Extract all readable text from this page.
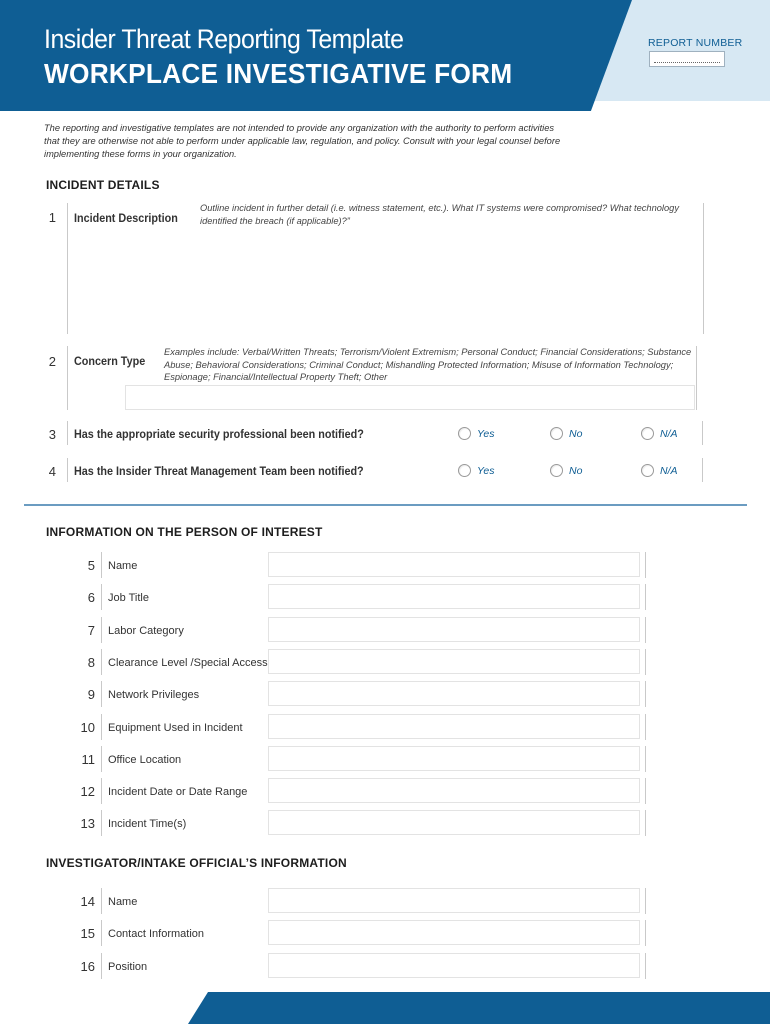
Insider Threat Reporting Template
WORKPLACE INVESTIGATIVE FORM
REPORT NUMBER
The reporting and investigative templates are not intended to provide any organization with the authority to perform activities that they are otherwise not able to perform under applicable law, regulation, and policy. Consult with your legal counsel before implementing these forms in your organization.
INCIDENT DETAILS
1 Incident Description
Outline incident in further detail (i.e. witness statement, etc.). What IT systems were compromised? What technology identified the breach (if applicable)?”
2 Concern Type
Examples include: Verbal/Written Threats; Terrorism/Violent Extremism; Personal Conduct; Financial Considerations; Substance Abuse; Behavioral Considerations; Criminal Conduct; Mishandling Protected Information; Misuse of Information Technology; Espionage; Financial/Intellectual Property Theft; Other
3 Has the appropriate security professional been notified?	Yes	No	N/A
4 Has the Insider Threat Management Team been notified?	Yes	No	N/A
INFORMATION ON THE PERSON OF INTEREST
5 Name
6 Job Title
7 Labor Category
8 Clearance Level /Special Access
9 Network Privileges
10 Equipment Used in Incident
11 Office Location
12 Incident Date or Date Range
13 Incident Time(s)
INVESTIGATOR/INTAKE OFFICIAL’S INFORMATION
14 Name
15 Contact Information
16 Position
